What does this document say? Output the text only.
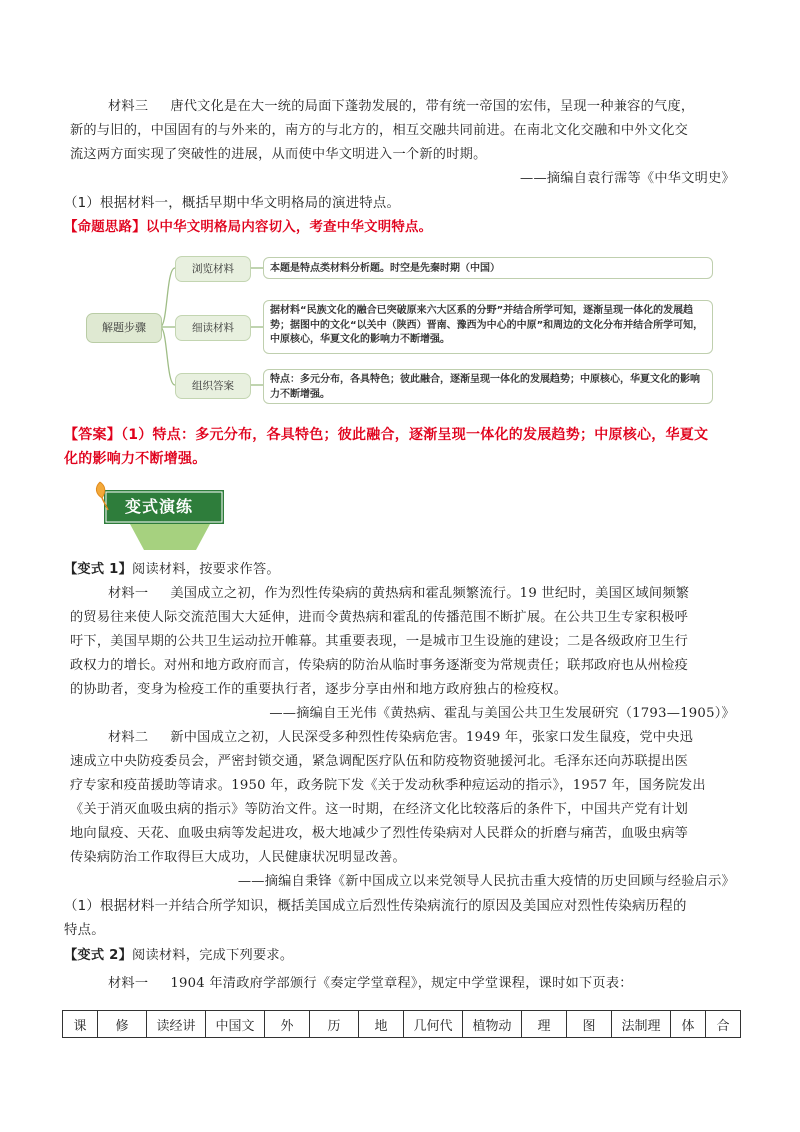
材料三 唐代文化是在大一统的局面下蓬勃发展的，带有统一帝国的宏伟，呈现一种兼容的气度，
新的与旧的，中国固有的与外来的，南方的与北方的，相互交融共同前进。在南北文化交融和中外文化交
流这两方面实现了突破性的进展，从而使中华文明进入一个新的时期。
——摘编自袁行霈等《中华文明史》
（1）根据材料一，概括早期中华文明格局的演进特点。
【命题思路】以中华文明格局内容切入，考查中华文明特点。
解题步骤
浏览材料	本题是特点类材料分析题。时空是先秦时期（中国）
细读材料
据材料“民族文化的融合已突破原来六大区系的分野”并结合所学可知，逐渐呈现一体化的发展趋势；据图中的文化“以关中（陕西）晋南、豫西为中心的中原”和周边的文化分布并结合所学可知，中原核心，华夏文化的影响力不断增强。
组织答案
特点：多元分布，各具特色；彼此融合，逐渐呈现一体化的发展趋势；中原核心，华夏文化的影响力不断增强。
【答案】（1）特点：多元分布，各具特色；彼此融合，逐渐呈现一体化的发展趋势；中原核心，华夏文
化的影响力不断增强。
变式演练
【变式 1】阅读材料，按要求作答。
材料一 美国成立之初，作为烈性传染病的黄热病和霍乱频繁流行。19 世纪时，美国区域间频繁
的贸易往来使人际交流范围大大延伸，进而令黄热病和霍乱的传播范围不断扩展。在公共卫生专家积极呼
吁下，美国早期的公共卫生运动拉开帷幕。其重要表现，一是城市卫生设施的建设；二是各级政府卫生行
政权力的增长。对州和地方政府而言，传染病的防治从临时事务逐渐变为常规责任；联邦政府也从州检疫
的协助者，变身为检疫工作的重要执行者，逐步分享由州和地方政府独占的检疫权。
——摘编自王光伟《黄热病、霍乱与美国公共卫生发展研究（1793—1905）》
材料二 新中国成立之初，人民深受多种烈性传染病危害。1949 年，张家口发生鼠疫，党中央迅
速成立中央防疫委员会，严密封锁交通，紧急调配医疗队伍和防疫物资驰援河北。毛泽东还向苏联提出医
疗专家和疫苗援助等请求。1950 年，政务院下发《关于发动秋季种痘运动的指示》，1957 年，国务院发出
《关于消灭血吸虫病的指示》等防治文件。这一时期，在经济文化比较落后的条件下，中国共产党有计划
地向鼠疫、天花、血吸虫病等发起进攻，极大地减少了烈性传染病对人民群众的折磨与痛苦，血吸虫病等
传染病防治工作取得巨大成功，人民健康状况明显改善。
——摘编自秉锋《新中国成立以来党领导人民抗击重大疫情的历史回顾与经验启示》
（1）根据材料一并结合所学知识，概括美国成立后烈性传染病流行的原因及美国应对烈性传染病历程的
特点。
【变式 2】阅读材料，完成下列要求。
材料一 1904 年清政府学部颁行《奏定学堂章程》，规定中学堂课程，课时如下页表：
课	修	读经讲	中国文	外	历	地	几何代	植物动	理	图	法制理	体	合
